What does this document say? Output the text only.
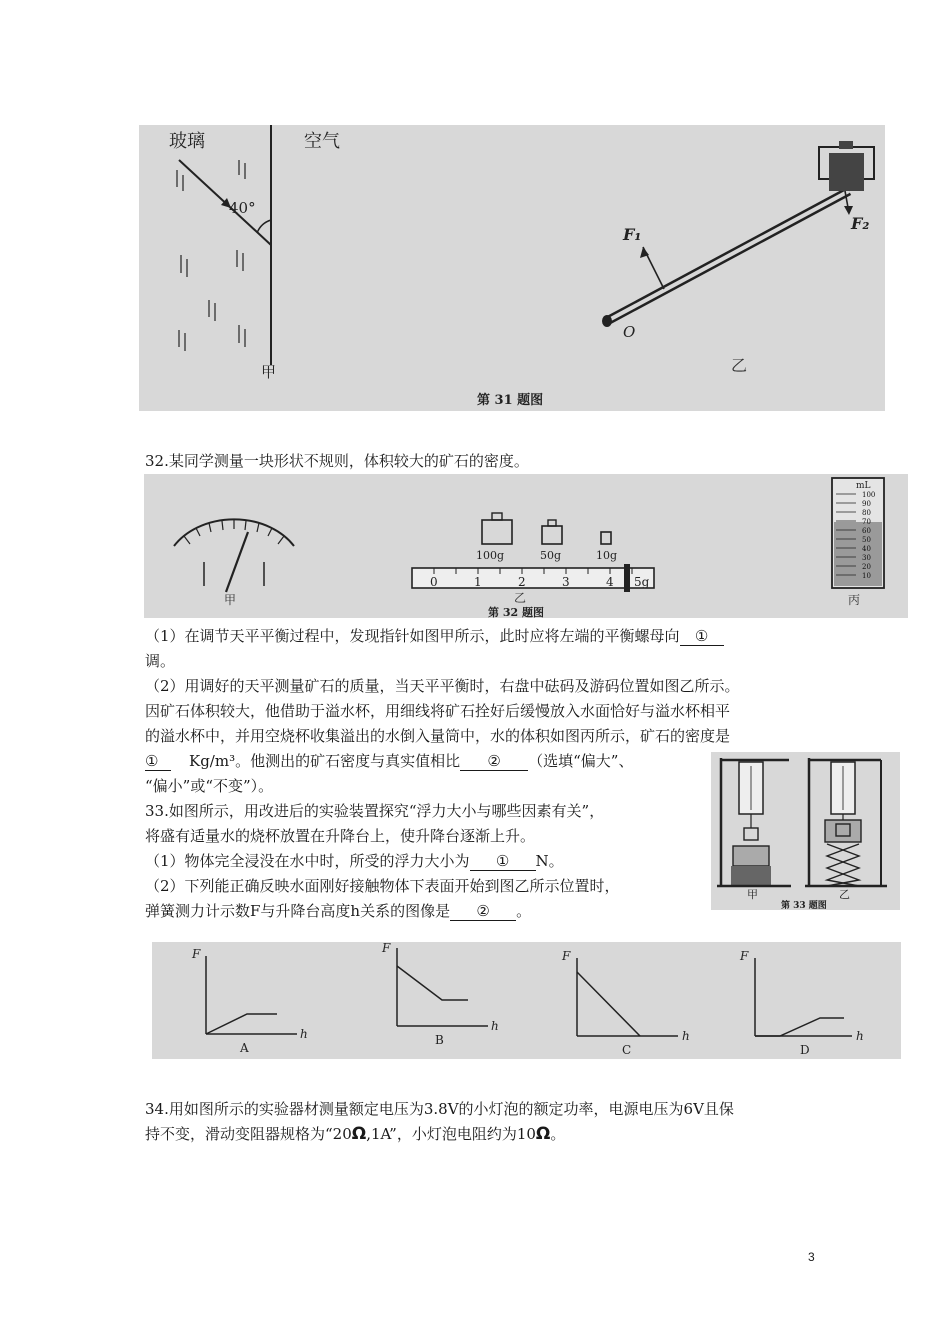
玻璃	空气
40°
甲
F₁
F₂
O
乙
第 31 题图
32.某同学测量一块形状不规则，体积较大的矿石的密度。
甲
100g	50g	10g
0	1	2	3	4 5g
乙
第 32 题图
mL
100
90
80
70
60
50
40
30
20
10
丙
（1）在调节天平平衡过程中，发现指针如图甲所示，此时应将左端的平衡螺母向 ①
调。
（2）用调好的天平测量矿石的质量，当天平平衡时，右盘中砝码及游码位置如图乙所示。
因矿石体积较大，他借助于溢水杯，用细线将矿石拴好后缓慢放入水面恰好与溢水杯相平
的溢水杯中，并用空烧杯收集溢出的水倒入量筒中，水的体积如图丙所示，矿石的密度是
① Kg/m³。他测出的矿石密度与真实值相比 ② （选填“偏大”、
“偏小”或“不变”）。
甲	乙
第 33 题图
33.如图所示，用改进后的实验装置探究“浮力大小与哪些因素有关”，
将盛有适量水的烧杯放置在升降台上，使升降台逐渐上升。
（1）物体完全浸没在水中时，所受的浮力大小为 ① N。
（2）下列能正确反映水面刚好接触物体下表面开始到图乙所示位置时，
弹簧测力计示数F与升降台高度h关系的图像是 ② 。
F
h
A
F
h
B
F
h
C
F
h
D
34.用如图所示的实验器材测量额定电压为3.8V的小灯泡的额定功率，电源电压为6V且保
持不变，滑动变阻器规格为“20Ω,1A”，小灯泡电阻约为10Ω。
3
